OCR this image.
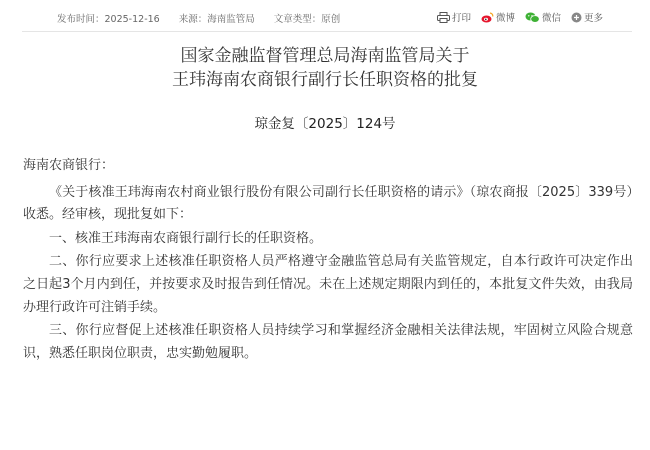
发布时间：2025-12-16 来源：海南监管局 文章类型：原创	打印	微博	微信 更多
国家金融监督管理总局海南监管局关于
王玮海南农商银行副行长任职资格的批复
琼金复〔2025〕124号

海南农商银行：

《关于核准王玮海南农村商业银行股份有限公司副行长任职资格的请示》（琼农商报〔2025〕339号）收悉。经审核，现批复如下：

一、核准王玮海南农商银行副行长的任职资格。

二、你行应要求上述核准任职资格人员严格遵守金融监管总局有关监管规定，自本行政许可决定作出之日起3个月内到任，并按要求及时报告到任情况。未在上述规定期限内到任的，本批复文件失效，由我局办理行政许可注销手续。

三、你行应督促上述核准任职资格人员持续学习和掌握经济金融相关法律法规，牢固树立风险合规意识，熟悉任职岗位职责，忠实勤勉履职。
